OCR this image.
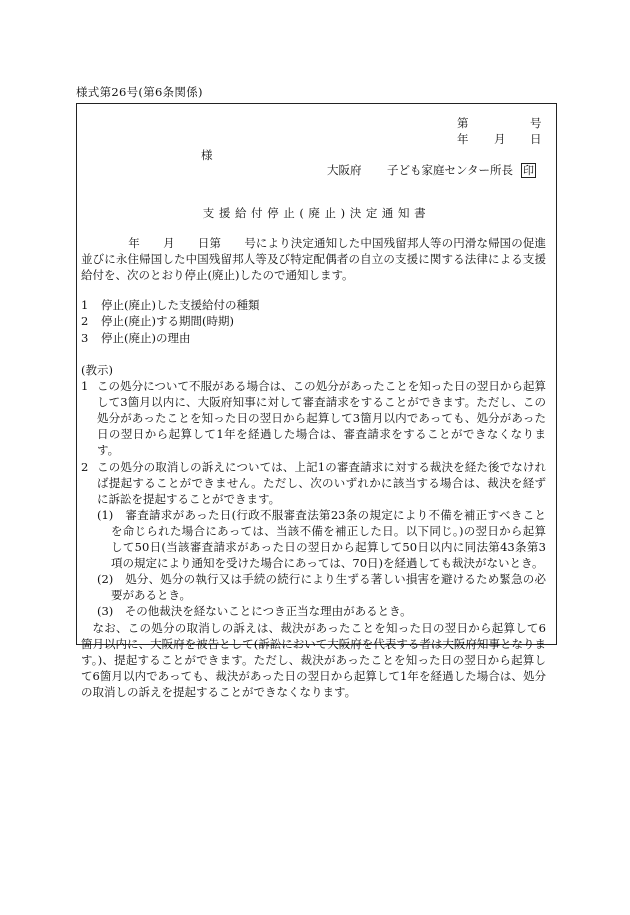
様式第26号(第6条関係)
第	号
年 月 日
様
大阪府 子ども家庭センター所長 印
支援給付停止(廃止)決定通知書
　年　　月　　日第　　号により決定通知した中国残留邦人等の円滑な帰国の促進並びに永住帰国した中国残留邦人等及び特定配偶者の自立の支援に関する法律による支援給付を、次のとおり停止(廃止)したので通知します。
1 停止(廃止)した支援給付の種類
2 停止(廃止)する期間(時期)
3 停止(廃止)の理由
(教示)
1 この処分について不服がある場合は、この処分があったことを知った日の翌日から起算して3箇月以内に、大阪府知事に対して審査請求をすることができます。ただし、この処分があったことを知った日の翌日から起算して3箇月以内であっても、処分があった日の翌日から起算して1年を経過した場合は、審査請求をすることができなくなります。
2 この処分の取消しの訴えについては、上記1の審査請求に対する裁決を経た後でなければ提起することができません。ただし、次のいずれかに該当する場合は、裁決を経ずに訴訟を提起することができます。
(1)　 審査請求があった日(行政不服審査法第23条の規定により不備を補正すべきことを命じられた場合にあっては、当該不備を補正した日。以下同じ。)の翌日から起算して50日(当該審査請求があった日の翌日から起算して50日以内に同法第43条第3項の規定により通知を受けた場合にあっては、70日)を経過しても裁決がないとき。
(2)　 処分、処分の執行又は手続の続行により生ずる著しい損害を避けるため緊急の必要があるとき。
(3)　 その他裁決を経ないことにつき正当な理由があるとき。
なお、この処分の取消しの訴えは、裁決があったことを知った日の翌日から起算して6箇月以内に、大阪府を被告として(訴訟において大阪府を代表する者は大阪府知事となります。)、提起することができます。ただし、裁決があったことを知った日の翌日から起算して6箇月以内であっても、裁決があった日の翌日から起算して1年を経過した場合は、処分の取消しの訴えを提起することができなくなります。
